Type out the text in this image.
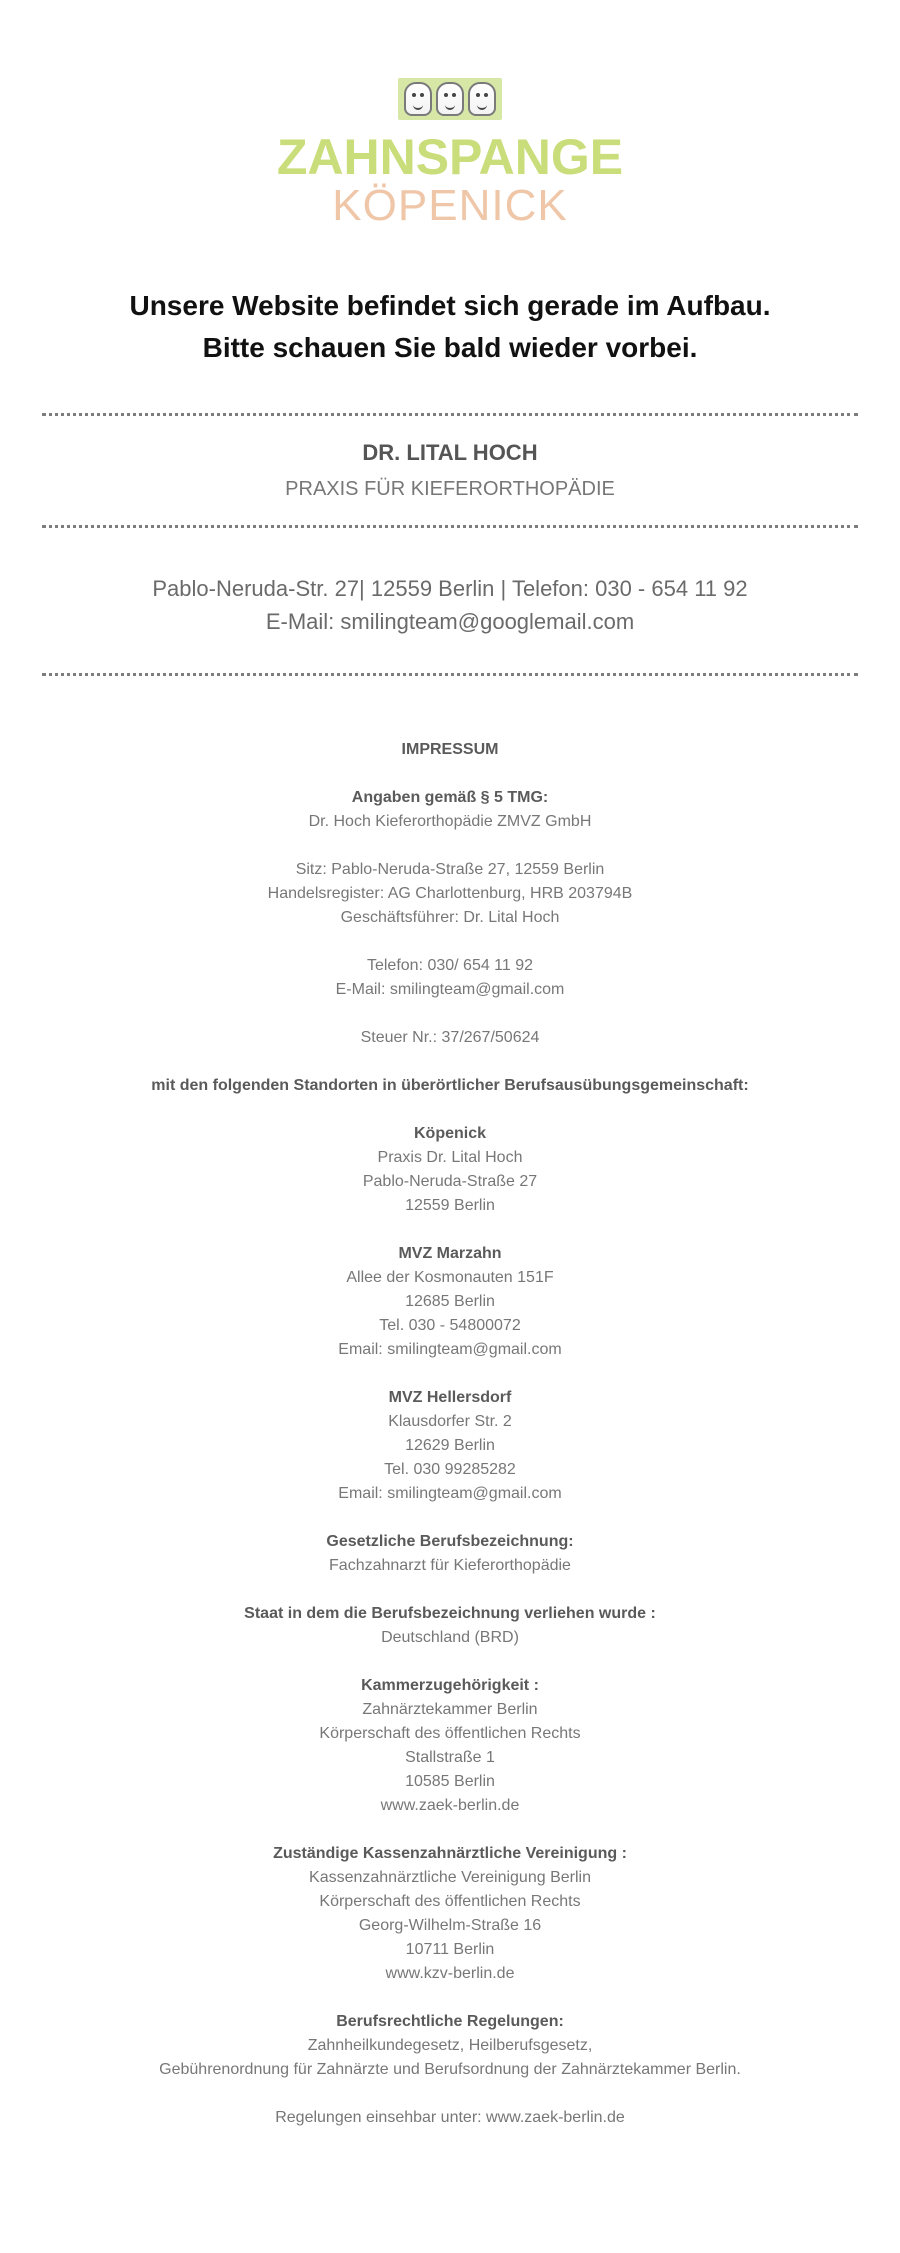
ZAHNSPANGE
KÖPENICK
Unsere Website befindet sich gerade im Aufbau.
Bitte schauen Sie bald wieder vorbei.
DR. LITAL HOCH
PRAXIS FÜR KIEFERORTHOPÄDIE
Pablo-Neruda-Str. 27| 12559 Berlin | Telefon: 030 - 654 11 92
E-Mail: smilingteam@googlemail.com
IMPRESSUM
Angaben gemäß § 5 TMG:
Dr. Hoch Kieferorthopädie ZMVZ GmbH
Sitz: Pablo-Neruda-Straße 27, 12559 Berlin
Handelsregister: AG Charlottenburg, HRB 203794B
Geschäftsführer: Dr. Lital Hoch
Telefon: 030/ 654 11 92
E-Mail: smilingteam@gmail.com
Steuer Nr.: 37/267/50624
mit den folgenden Standorten in überörtlicher Berufsausübungsgemeinschaft:
Köpenick
Praxis Dr. Lital Hoch
Pablo-Neruda-Straße 27
12559 Berlin
MVZ Marzahn
Allee der Kosmonauten 151F
12685 Berlin
Tel. 030 - 54800072
Email: smilingteam@gmail.com
MVZ Hellersdorf
Klausdorfer Str. 2
12629 Berlin
Tel. 030 99285282
Email: smilingteam@gmail.com
Gesetzliche Berufsbezeichnung:
Fachzahnarzt für Kieferorthopädie
Staat in dem die Berufsbezeichnung verliehen wurde :
Deutschland (BRD)
Kammerzugehörigkeit :
Zahnärztekammer Berlin
Körperschaft des öffentlichen Rechts
Stallstraße 1
10585 Berlin
www.zaek-berlin.de
Zuständige Kassenzahnärztliche Vereinigung :
Kassenzahnärztliche Vereinigung Berlin
Körperschaft des öffentlichen Rechts
Georg-Wilhelm-Straße 16
10711 Berlin
www.kzv-berlin.de
Berufsrechtliche Regelungen:
Zahnheilkundegesetz, Heilberufsgesetz,
Gebührenordnung für Zahnärzte und Berufsordnung der Zahnärztekammer Berlin.
Regelungen einsehbar unter: www.zaek-berlin.de
